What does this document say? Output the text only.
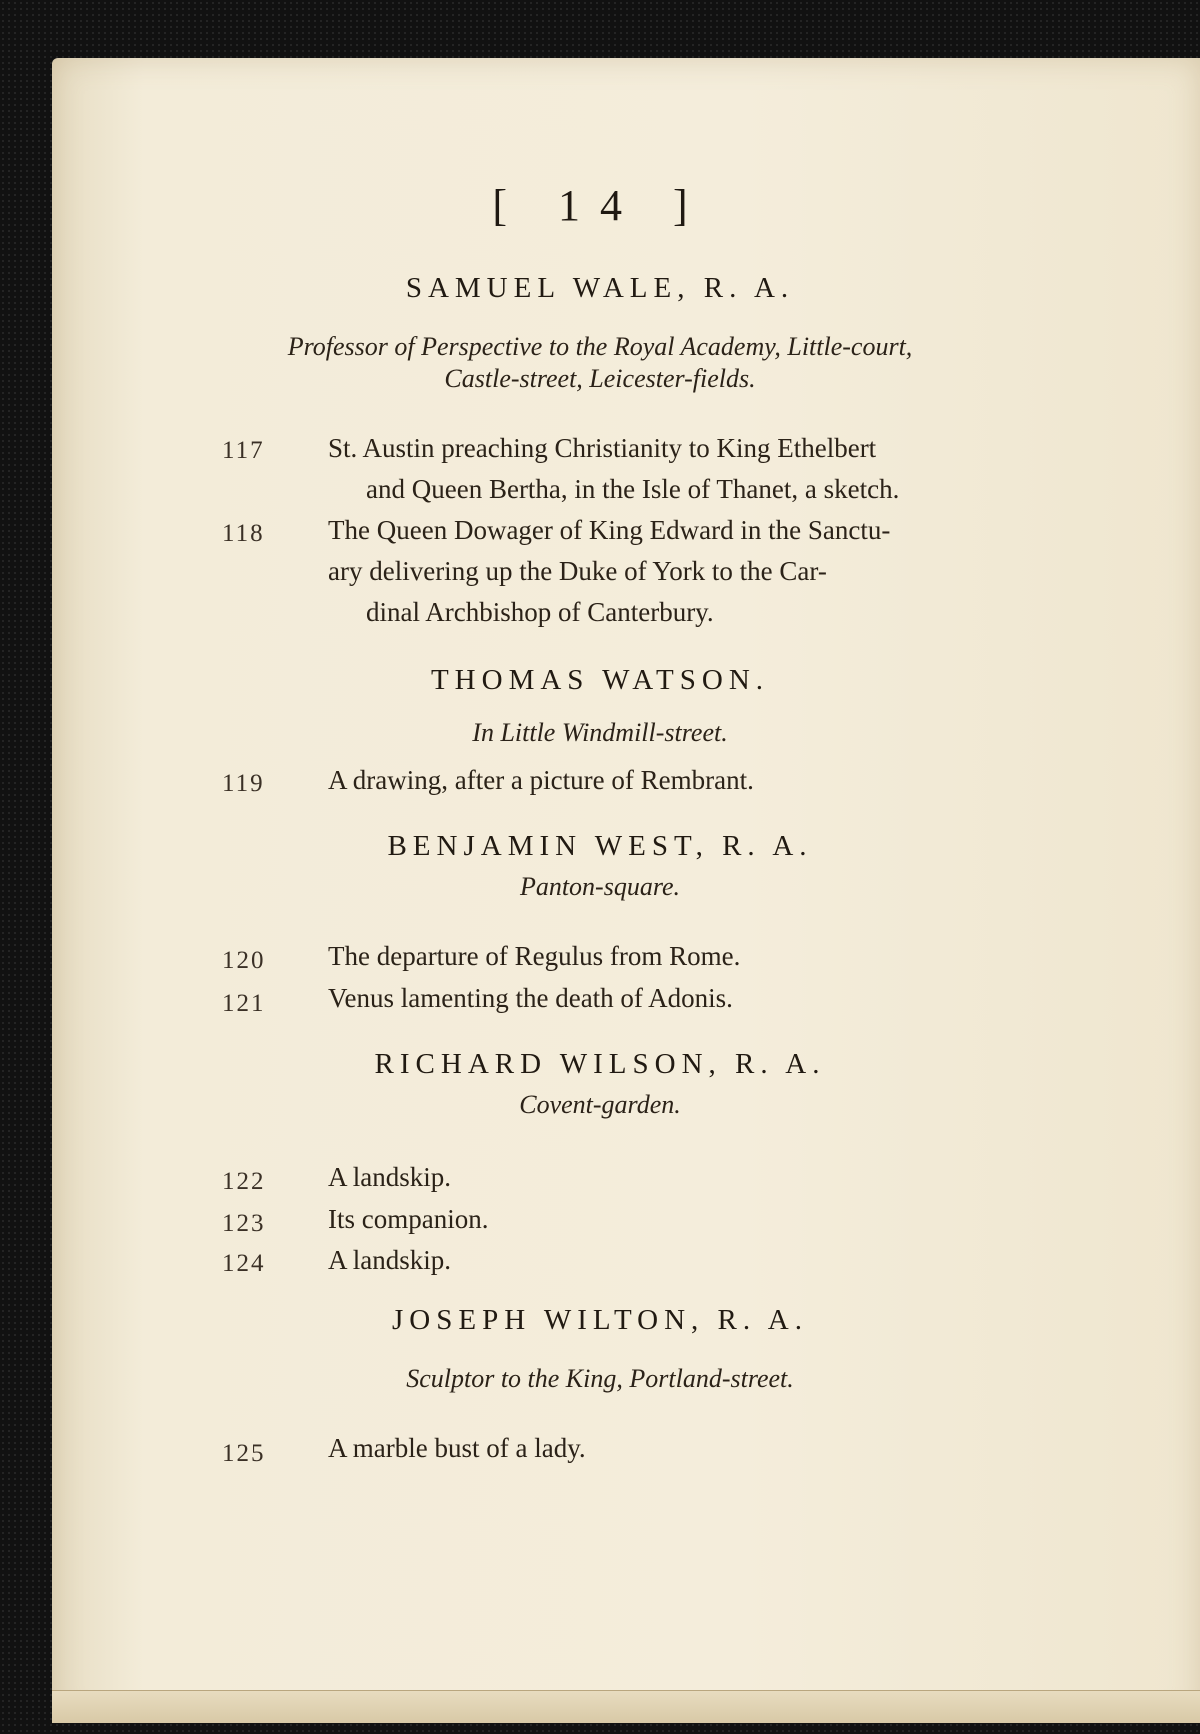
[ 14 ]
SAMUEL WALE, R. A.
Professor of Perspective to the Royal Academy, Little-court,
Castle-street, Leicester-fields.
117 St. Austin preaching Christianity to King Ethelbert
and Queen Bertha, in the Isle of Thanet, a sketch.
118 The Queen Dowager of King Edward in the Sanctu-
ary delivering up the Duke of York to the Car-
dinal Archbishop of Canterbury.
THOMAS WATSON.
In Little Windmill-street.
119 A drawing, after a picture of Rembrant.
BENJAMIN WEST, R. A.
Panton-square.
120 The departure of Regulus from Rome.
121 Venus lamenting the death of Adonis.
RICHARD WILSON, R. A.
Covent-garden.
122 A landskip.
123 Its companion.
124 A landskip.
JOSEPH WILTON, R. A.
Sculptor to the King, Portland-street.
125 A marble bust of a lady.
